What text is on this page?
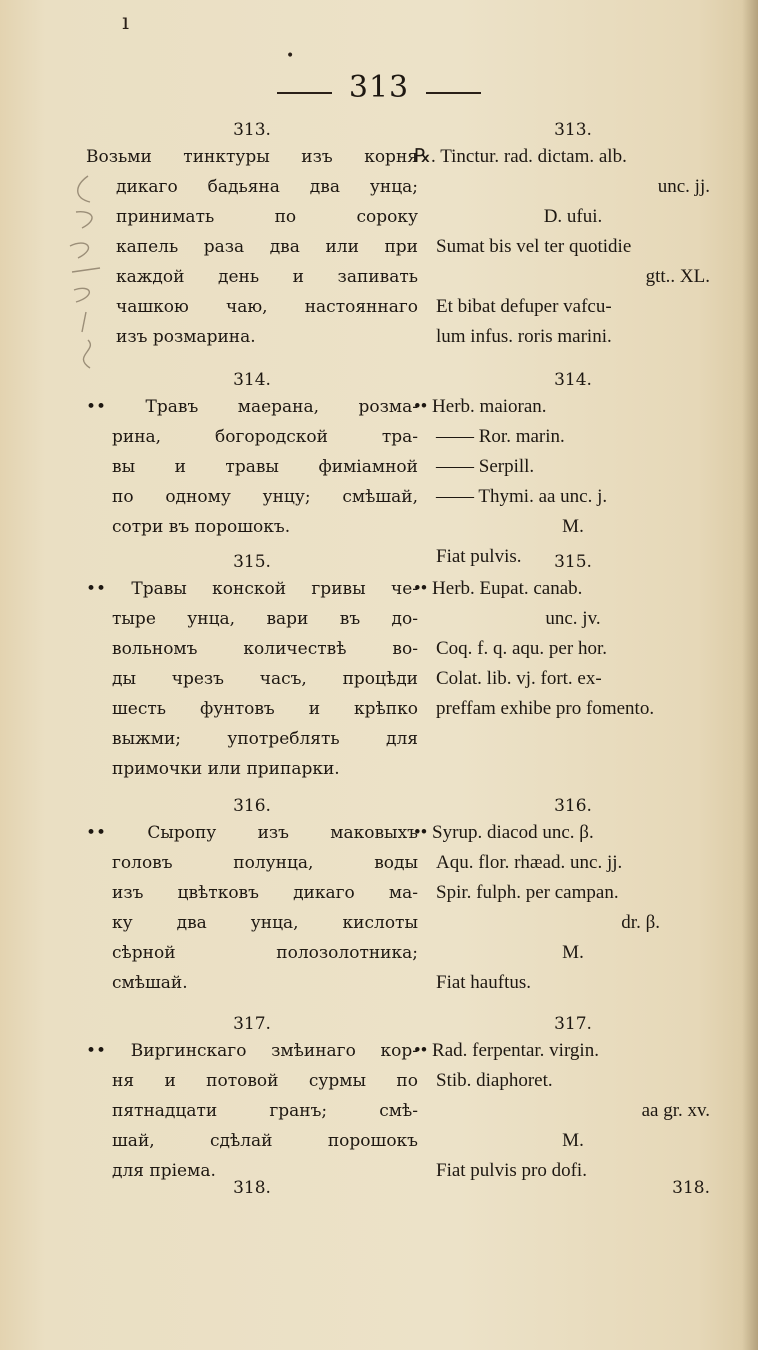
ı
•
313
313.
Возьми тинктуры изъ корня
дикаго бадьяна два унца;
принимать по сороку
капель раза два или при
каждой день и запивать
чашкою чаю, настояннаго
изъ розмарина.
314.
•• Травъ маерана, розма-
рина, богородской тра-
вы и травы фиміамной
по одному унцу; смѣшай,
сотри въ порошокъ.
315.
•• Травы конской гривы че-
тыре унца, вари въ до-
вольномъ количествѣ во-
ды чрезъ часъ, процѣди
шесть фунтовъ и крѣпко
выжми; употреблять для
примочки или припарки.
316.
•• Сыропу изъ маковыхъ
головъ полунца, воды
изъ цвѣтковъ дикаго ма-
ку два унца, кислоты
сѣрной полозолотника;
смѣшай.
317.
•• Виргинскаго змѣинаго кор-
ня и потовой сурмы по
пятнадцати гранъ; смѣ-
шай, сдѣлай порошокъ
для пріема.
318.
313.
℞. Tinctur. rad. dictam. alb.
unc. jj.
D. ufui.
Sumat bis vel ter quotidie
gtt.. XL.
Et bibat defuper vafcu-
lum infus. roris marini.
314.
•• Herb. maioran.
—— Ror. marin.
—— Serpill.
—— Thymi. aa unc. j.
M.
Fiat pulvis.	315.
•• Herb. Eupat. canab.
unc. jv.
Coq. f. q. aqu. per hor.
Colat. lib. vj. fort. ex-
preffam exhibe pro fomento.
316.
•• Syrup. diacod unc. β.
Aqu. flor. rhæad. unc. jj.
Spir. fulph. per campan.
dr. β.
M.
Fiat hauftus.
317.
•• Rad. ferpentar. virgin.
Stib. diaphoret.
aa gr. xv.
M.
Fiat pulvis pro dofi.
318.
